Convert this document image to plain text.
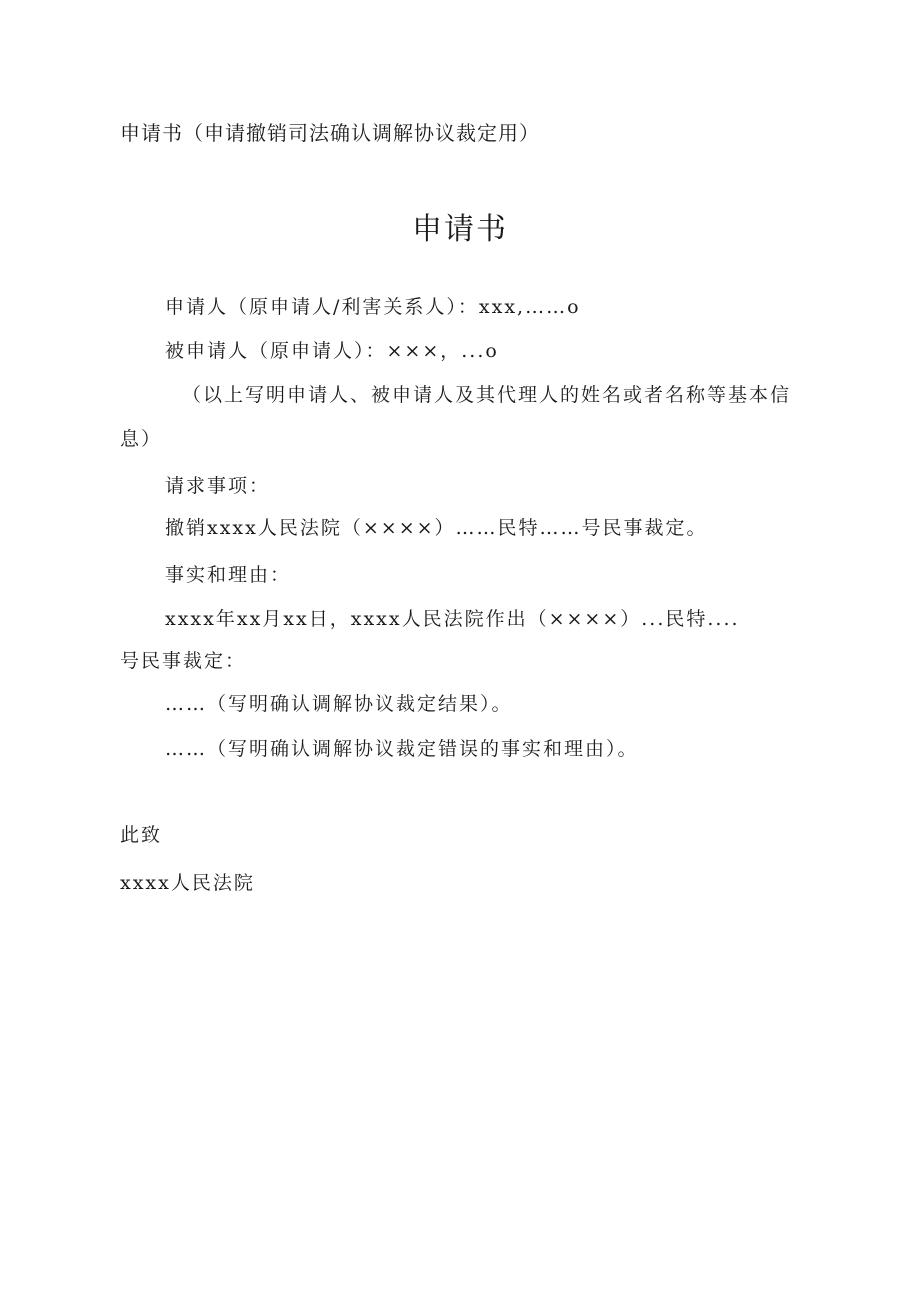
申请书（申请撤销司法确认调解协议裁定用）
申请书
申请人（原申请人/利害关系人）：xxx,……o
被申请人（原申请人）：×××，...o
（以上写明申请人、被申请人及其代理人的姓名或者名称等基本信
息）
请求事项：
撤销xxxx人民法院（××××）……民特……号民事裁定。
事实和理由：
xxxx年xx月xx日，xxxx人民法院作出（××××）...民特....
号民事裁定：
……（写明确认调解协议裁定结果）。
……（写明确认调解协议裁定错误的事实和理由）。
此致
xxxx人民法院
